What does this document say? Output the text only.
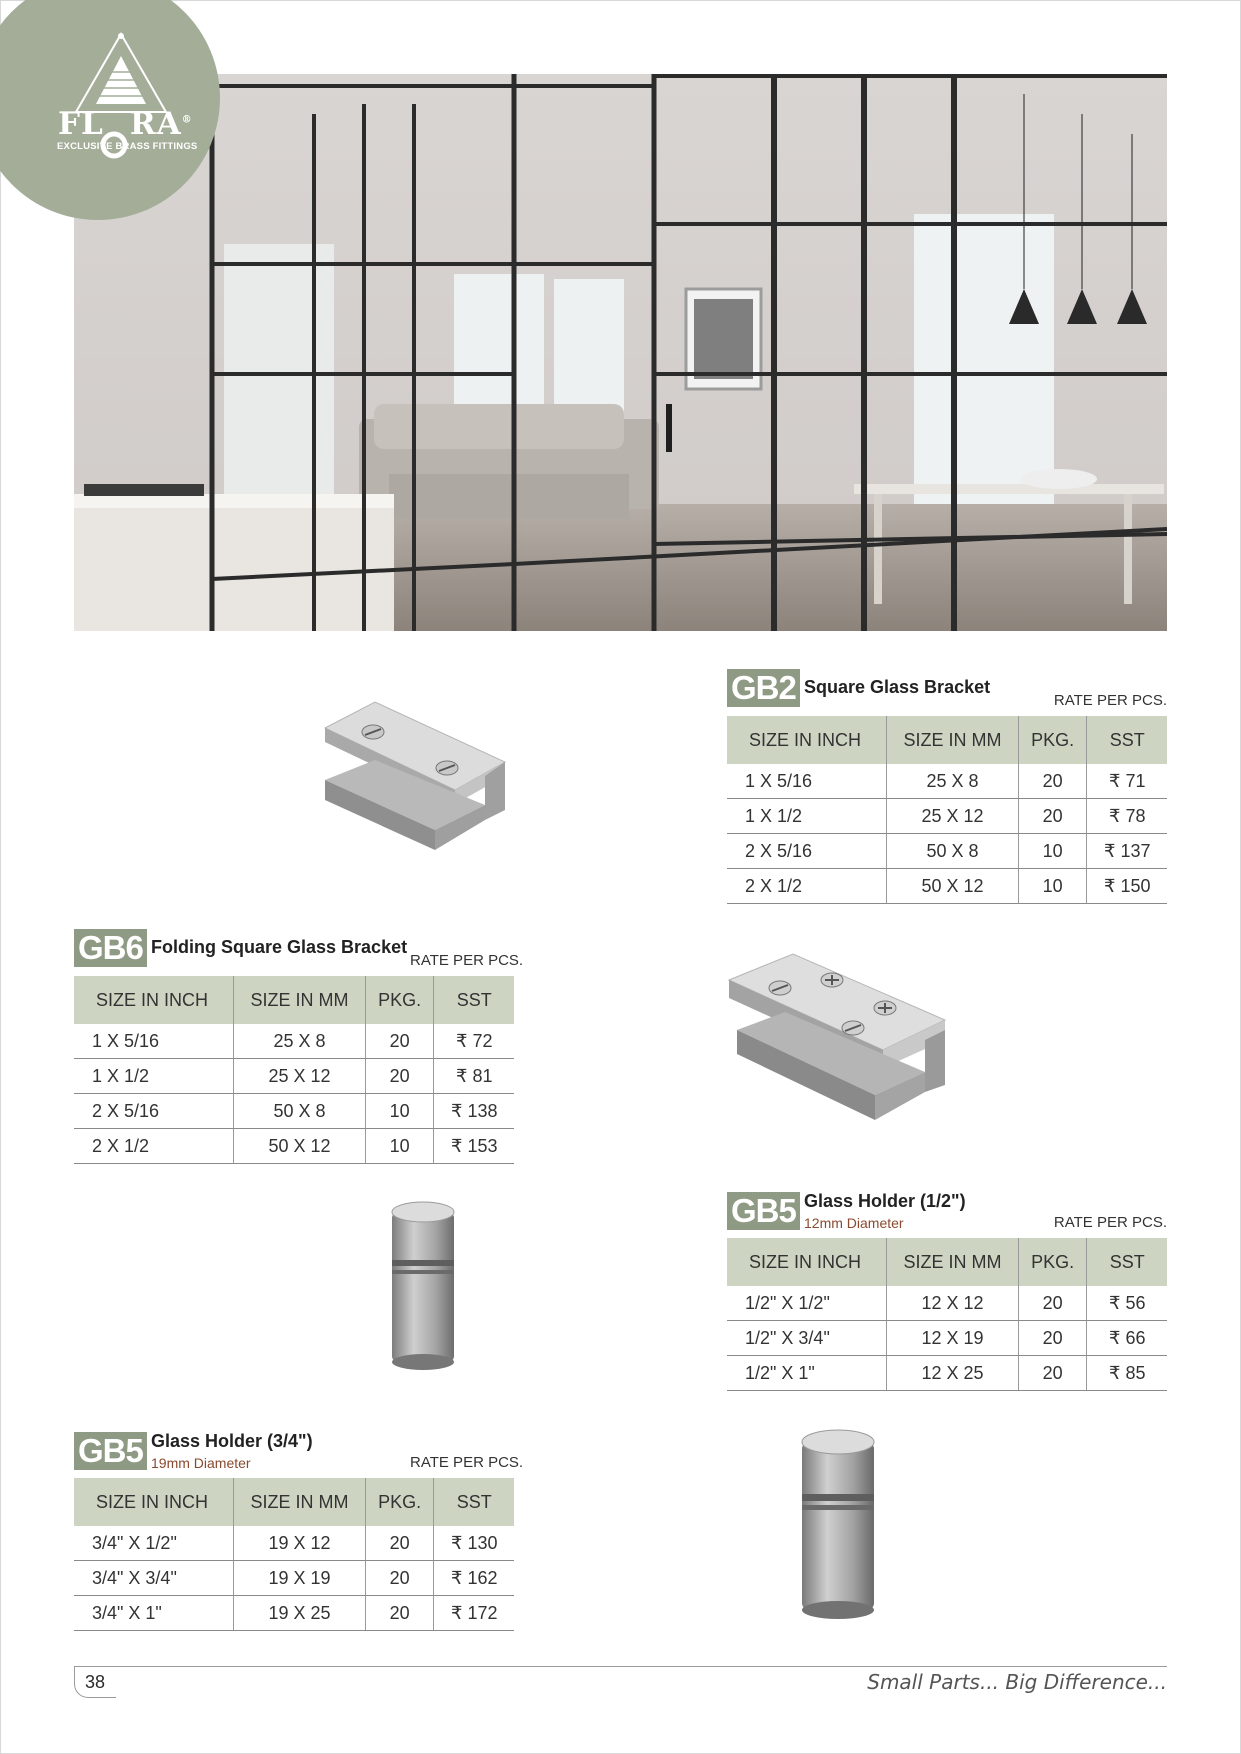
FL RA®
EXCLUSIVE BRASS FITTINGS
GB2 Square Glass Bracket
RATE PER PCS.
SIZE IN INCH	SIZE IN MM	PKG.	SST
1 X 5/16	25 X 8	20	₹ 71
1 X 1/2	25 X 12	20	₹ 78
2 X 5/16	50 X 8	10	₹ 137
2 X 1/2	50 X 12	10	₹ 150
GB6 Folding Square Glass Bracket
RATE PER PCS.
SIZE IN INCH	SIZE IN MM	PKG.	SST
1 X 5/16	25 X 8	20	₹ 72
1 X 1/2	25 X 12	20	₹ 81
2 X 5/16	50 X 8	10	₹ 138
2 X 1/2	50 X 12	10	₹ 153
GB5 Glass Holder (1/2")
12mm Diameter	RATE PER PCS.
SIZE IN INCH	SIZE IN MM	PKG.	SST
1/2" X 1/2"	12 X 12	20	₹ 56
1/2" X 3/4"	12 X 19	20	₹ 66
1/2" X 1"	12 X 25	20	₹ 85
GB5 Glass Holder (3/4")
19mm Diameter	RATE PER PCS.
SIZE IN INCH	SIZE IN MM	PKG.	SST
3/4" X 1/2"	19 X 12	20	₹ 130
3/4" X 3/4"	19 X 19	20	₹ 162
3/4" X 1"	19 X 25	20	₹ 172
38	Small Parts... Big Difference...
